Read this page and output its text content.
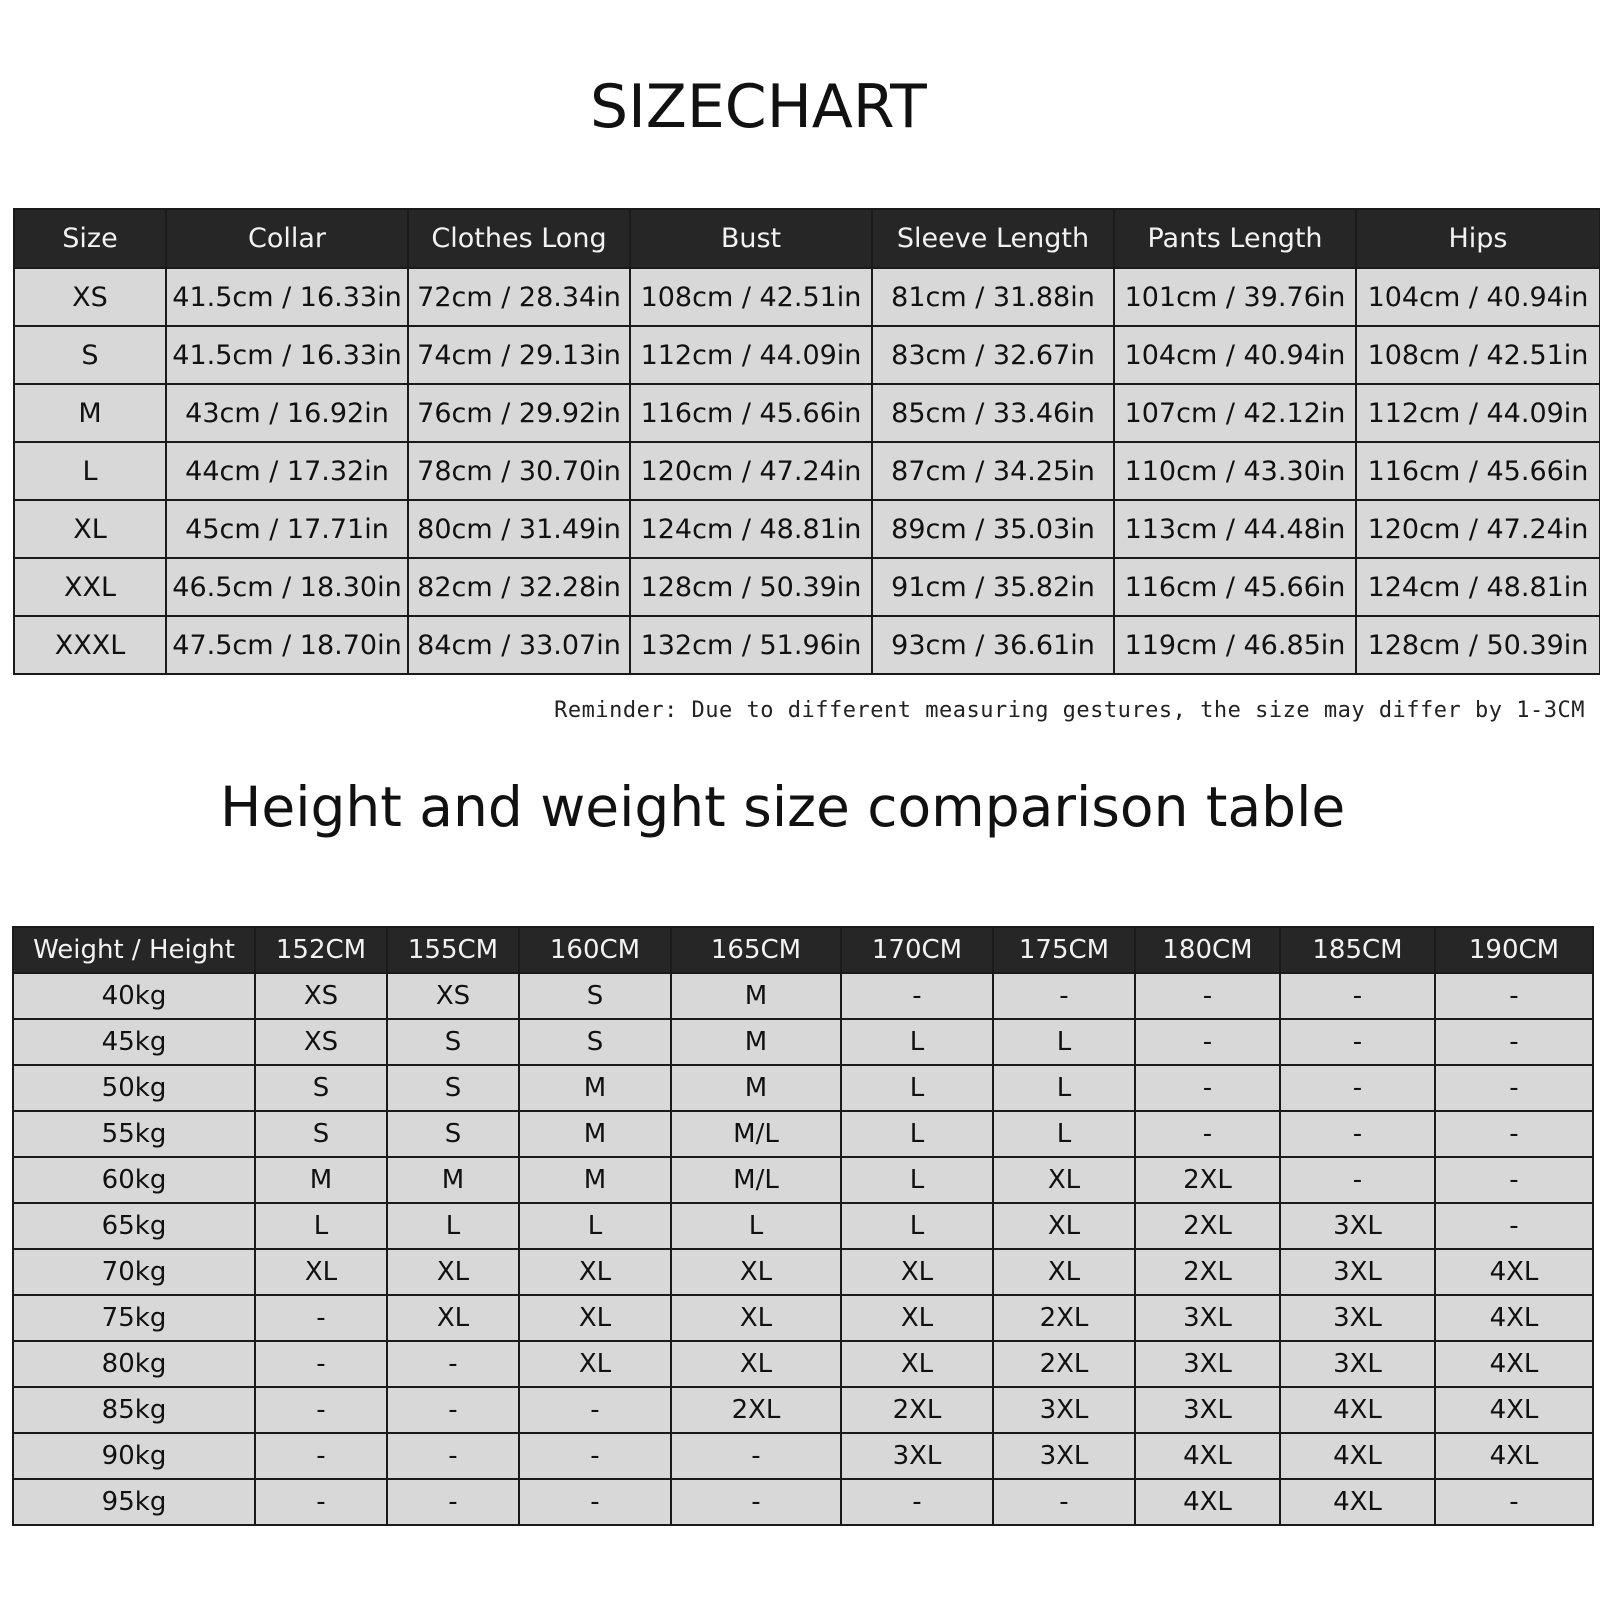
SIZECHART
Size	Collar	Clothes Long	Bust	Sleeve Length	Pants Length	Hips
XS	41.5cm / 16.33in	72cm / 28.34in	108cm / 42.51in	81cm / 31.88in	101cm / 39.76in	104cm / 40.94in
S	41.5cm / 16.33in	74cm / 29.13in	112cm / 44.09in	83cm / 32.67in	104cm / 40.94in	108cm / 42.51in
M	43cm / 16.92in	76cm / 29.92in	116cm / 45.66in	85cm / 33.46in	107cm / 42.12in	112cm / 44.09in
L	44cm / 17.32in	78cm / 30.70in	120cm / 47.24in	87cm / 34.25in	110cm / 43.30in	116cm / 45.66in
XL	45cm / 17.71in	80cm / 31.49in	124cm / 48.81in	89cm / 35.03in	113cm / 44.48in	120cm / 47.24in
XXL	46.5cm / 18.30in	82cm / 32.28in	128cm / 50.39in	91cm / 35.82in	116cm / 45.66in	124cm / 48.81in
XXXL	47.5cm / 18.70in	84cm / 33.07in	132cm / 51.96in	93cm / 36.61in	119cm / 46.85in	128cm / 50.39in
Reminder: Due to different measuring gestures, the size may differ by 1-3CM
Height and weight size comparison table
Weight / Height	152CM	155CM	160CM	165CM	170CM	175CM	180CM	185CM	190CM
40kg	XS	XS	S	M	-	-	-	-	-
45kg	XS	S	S	M	L	L	-	-	-
50kg	S	S	M	M	L	L	-	-	-
55kg	S	S	M	M/L	L	L	-	-	-
60kg	M	M	M	M/L	L	XL	2XL	-	-
65kg	L	L	L	L	L	XL	2XL	3XL	-
70kg	XL	XL	XL	XL	XL	XL	2XL	3XL	4XL
75kg	-	XL	XL	XL	XL	2XL	3XL	3XL	4XL
80kg	-	-	XL	XL	XL	2XL	3XL	3XL	4XL
85kg	-	-	-	2XL	2XL	3XL	3XL	4XL	4XL
90kg	-	-	-	-	3XL	3XL	4XL	4XL	4XL
95kg	-	-	-	-	-	-	4XL	4XL	-
